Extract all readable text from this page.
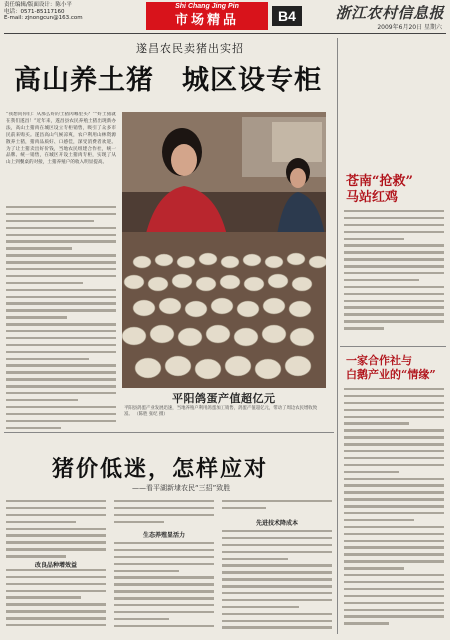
责任编辑/版面设计：陈小平
电话：0571-85117160
E-mail: zjnongcun@163.com
Shi Chang Jing Pin
市场精品	B4	浙江农村信息报
2009年6月20日 星期六
遂昌农民卖猪出实招
高山养土猪　城区设专柜
“我想问你们：从那么好的土猪肉哪里买？”“好土猪就在我们遂昌！”近年来，遂昌县农民养殖土猪出现新办法，高山土猪肉在城区设立专柜销售，吸引了众多市民前来购买。遂昌高山气候凉爽，农户利用山林资源散养土猪，猪肉品质好、口感佳，深受消费者欢迎。为了让土猪卖出好价钱，当地农民组建合作社，统一品牌、统一销售，在城区开设土猪肉专柜，实现了从山上到餐桌的对接，土猪养殖户的收入明显提高。
平阳鸽蛋产值超亿元
平阳县鸽蛋产业发展迅速，当地养殖户利用鸽蛋加工销售，鸽蛋产值超亿元，带动了周边农民增收致富。 （陈胜 张纪 摄）
猪价低迷，怎样应对
——看平湖新埭农民“三招”致胜
生态养殖显活力
先进技术降成本
改良品种增效益
苍南“抢救”
马站红鸡
一家合作社与
白鹅产业的“情缘”
